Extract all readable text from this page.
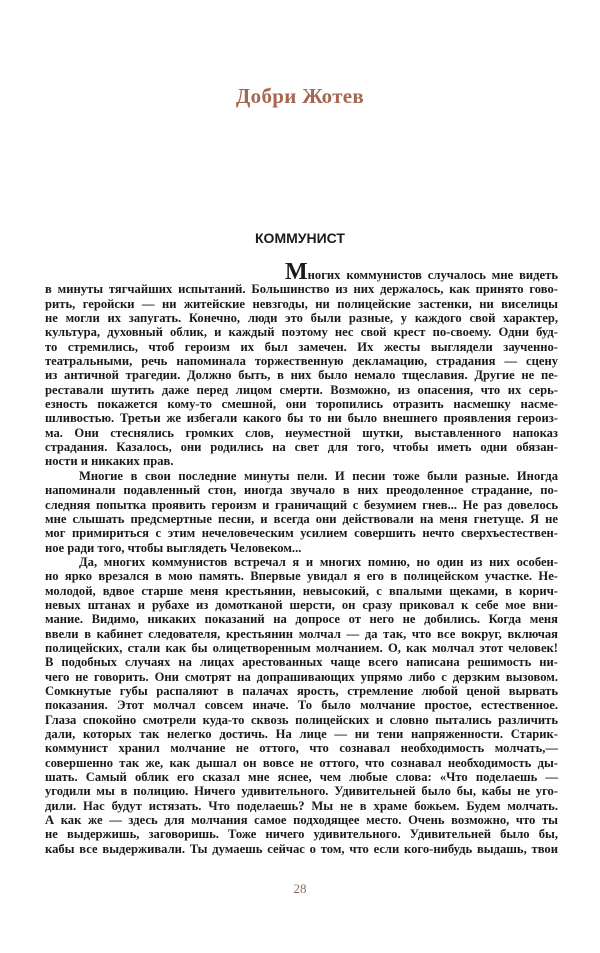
Добри Жотев
КОММУНИСТ
Многих коммунистов случалось мне видеть
в минуты тягчайших испытаний. Большинство из них держалось, как принято гово-
рить, геройски — ни житейские невзгоды, ни полицейские застенки, ни виселицы
не могли их запугать. Конечно, люди это были разные, у каждого свой характер,
культура, духовный облик, и каждый поэтому нес свой крест по-своему. Одни буд-
то стремились, чтоб героизм их был замечен. Их жесты выглядели заученно-
театральными, речь напоминала торжественную декламацию, страдания — сцену
из античной трагедии. Должно быть, в них было немало тщеславия. Другие не пе-
реставали шутить даже перед лицом смерти. Возможно, из опасения, что их серь-
езность покажется кому-то смешной, они торопились отразить насмешку насме-
шливостью. Третьи же избегали какого бы то ни было внешнего проявления героиз-
ма. Они стеснялись громких слов, неуместной шутки, выставленного напоказ
страдания. Казалось, они родились на свет для того, чтобы иметь одни обязан-
ности и никаких прав.
Многие в свои последние минуты пели. И песни тоже были разные. Иногда
напоминали подавленный стон, иногда звучало в них преодоленное страдание, по-
следняя попытка проявить героизм и граничащий с безумием гнев... Не раз довелось
мне слышать предсмертные песни, и всегда они действовали на меня гнетуще. Я не
мог примириться с этим нечеловеческим усилием совершить нечто сверхъестествен-
ное ради того, чтобы выглядеть Человеком...
Да, многих коммунистов встречал я и многих помню, но один из них особен-
но ярко врезался в мою память. Впервые увидал я его в полицейском участке. Не-
молодой, вдвое старше меня крестьянин, невысокий, с впалыми щеками, в корич-
невых штанах и рубахе из домотканой шерсти, он сразу приковал к себе мое вни-
мание. Видимо, никаких показаний на допросе от него не добились. Когда меня
ввели в кабинет следователя, крестьянин молчал — да так, что все вокруг, включая
полицейских, стали как бы олицетворенным молчанием. О, как молчал этот человек!
В подобных случаях на лицах арестованных чаще всего написана решимость ни-
чего не говорить. Они смотрят на допрашивающих упрямо либо с дерзким вызовом.
Сомкнутые губы распаляют в палачах ярость, стремление любой ценой вырвать
показания. Этот молчал совсем иначе. То было молчание простое, естественное.
Глаза спокойно смотрели куда-то сквозь полицейских и словно пытались различить
дали, которых так нелегко достичь. На лице — ни тени напряженности. Старик-
коммунист хранил молчание не оттого, что сознавал необходимость молчать,—
совершенно так же, как дышал он вовсе не оттого, что сознавал необходимость ды-
шать. Самый облик его сказал мне яснее, чем любые слова: «Что поделаешь —
угодили мы в полицию. Ничего удивительного. Удивительней было бы, кабы не уго-
дили. Нас будут истязать. Что поделаешь? Мы не в храме божьем. Будем молчать.
А как же — здесь для молчания самое подходящее место. Очень возможно, что ты
не выдержишь, заговоришь. Тоже ничего удивительного. Удивительней было бы,
кабы все выдерживали. Ты думаешь сейчас о том, что если кого-нибудь выдашь, твои
28
